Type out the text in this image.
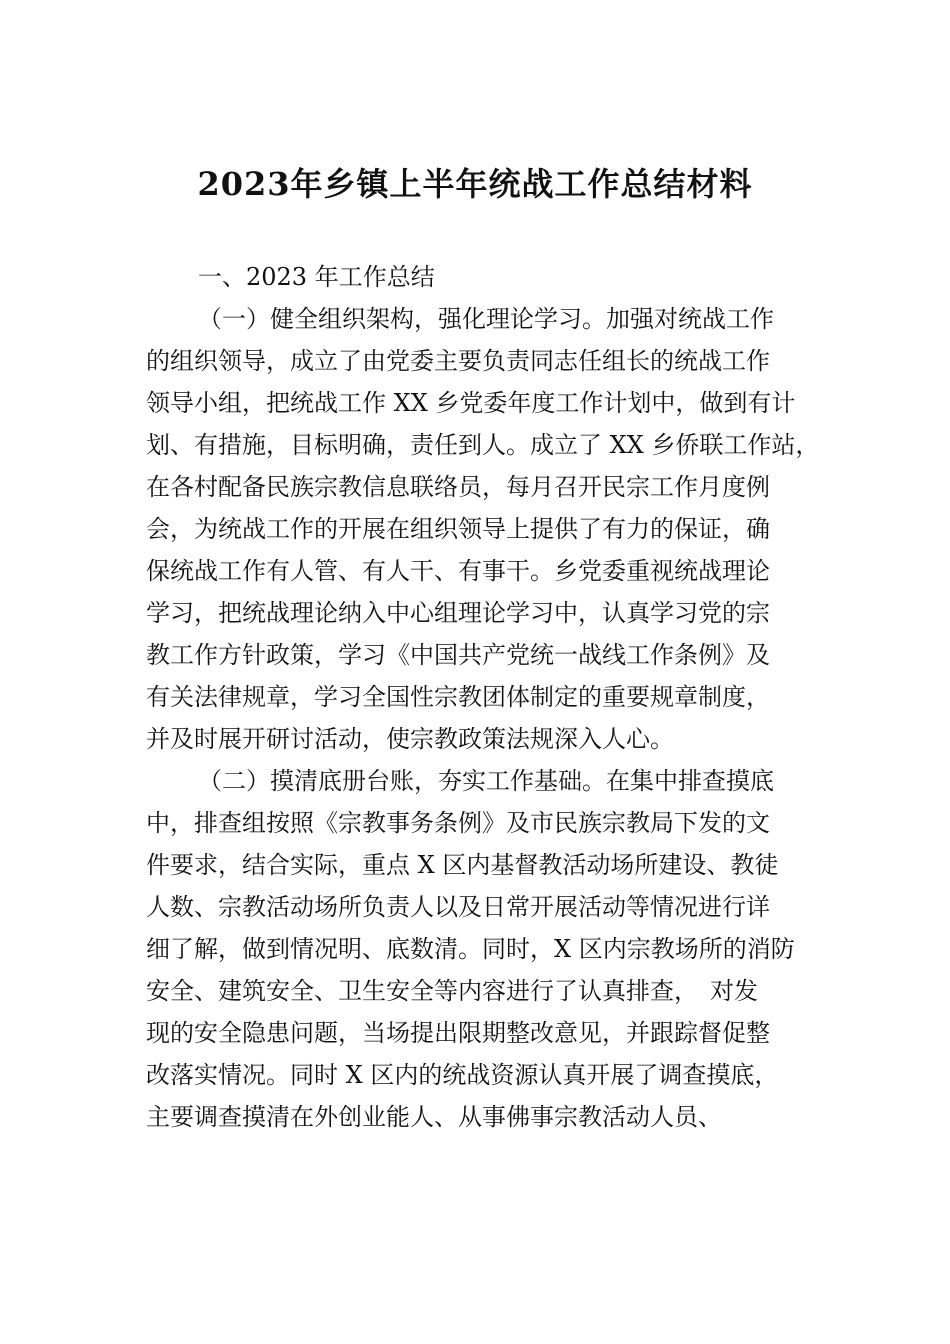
2023年乡镇上半年统战工作总结材料

一、2023 年工作总结

（一）健全组织架构，强化理论学习。加强对统战工作

的组织领导，成立了由党委主要负责同志任组长的统战工作

领导小组，把统战工作 XX 乡党委年度工作计划中，做到有计

划、有措施，目标明确，责任到人。成立了 XX 乡侨联工作站，

在各村配备民族宗教信息联络员，每月召开民宗工作月度例

会，为统战工作的开展在组织领导上提供了有力的保证，确

保统战工作有人管、有人干、有事干。乡党委重视统战理论

学习，把统战理论纳入中心组理论学习中，认真学习党的宗

教工作方针政策，学习《中国共产党统一战线工作条例》及

有关法律规章，学习全国性宗教团体制定的重要规章制度，

并及时展开研讨活动，使宗教政策法规深入人心。

（二）摸清底册台账，夯实工作基础。在集中排查摸底

中，排查组按照《宗教事务条例》及市民族宗教局下发的文

件要求，结合实际，重点 X 区内基督教活动场所建设、教徒

人数、宗教活动场所负责人以及日常开展活动等情况进行详

细了解，做到情况明、底数清。同时，X 区内宗教场所的消防

安全、建筑安全、卫生安全等内容进行了认真排查，　对发

现的安全隐患问题，当场提出限期整改意见，并跟踪督促整

改落实情况。同时 X 区内的统战资源认真开展了调查摸底，

主要调查摸清在外创业能人、从事佛事宗教活动人员、
